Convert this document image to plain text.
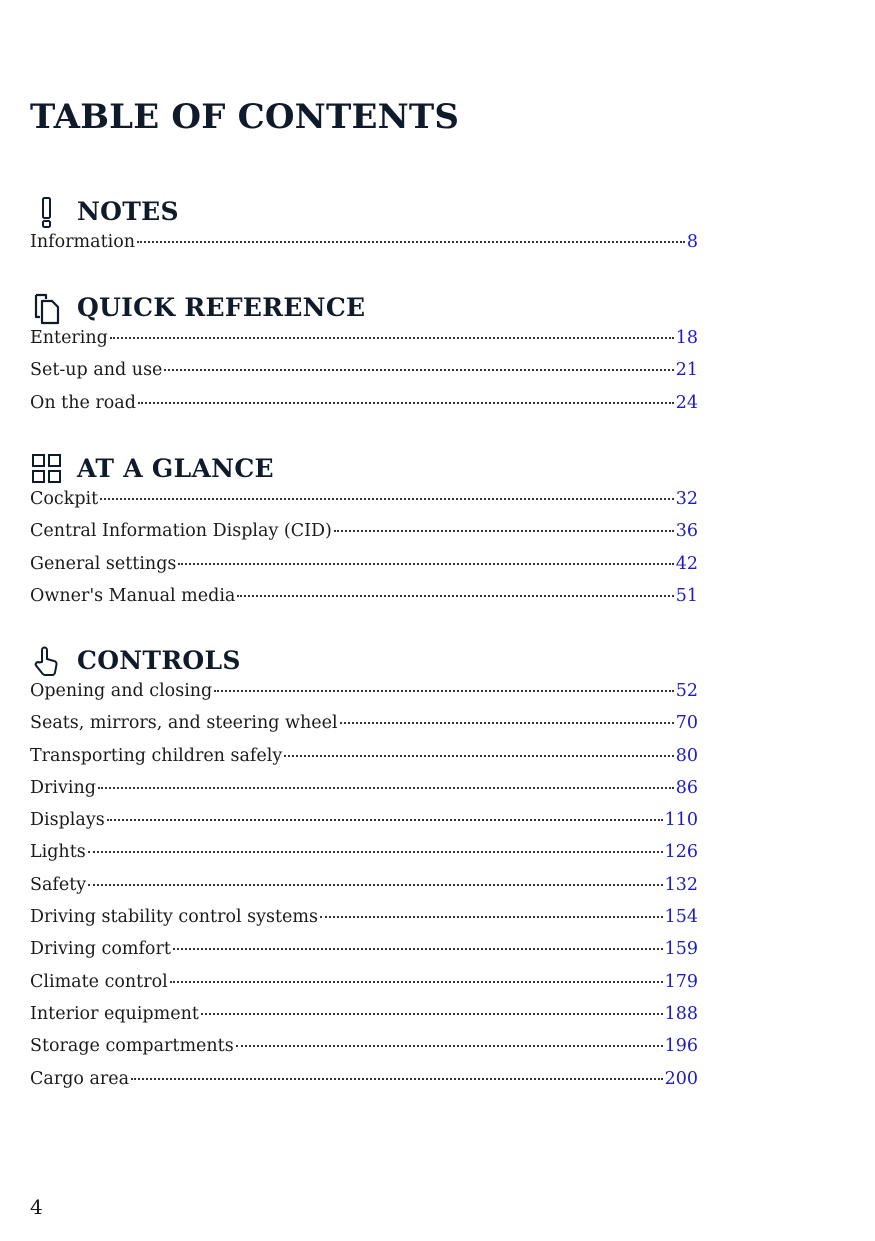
TABLE OF CONTENTS
NOTES
Information	8
QUICK REFERENCE
Entering	18
Set-up and use	21
On the road	24
AT A GLANCE
Cockpit	32
Central Information Display (CID)	36
General settings	42
Owner's Manual media	51
CONTROLS
Opening and closing	52
Seats, mirrors, and steering wheel	70
Transporting children safely	80
Driving	86
Displays	110
Lights	126
Safety	132
Driving stability control systems	154
Driving comfort	159
Climate control	179
Interior equipment	188
Storage compartments	196
Cargo area	200
4
